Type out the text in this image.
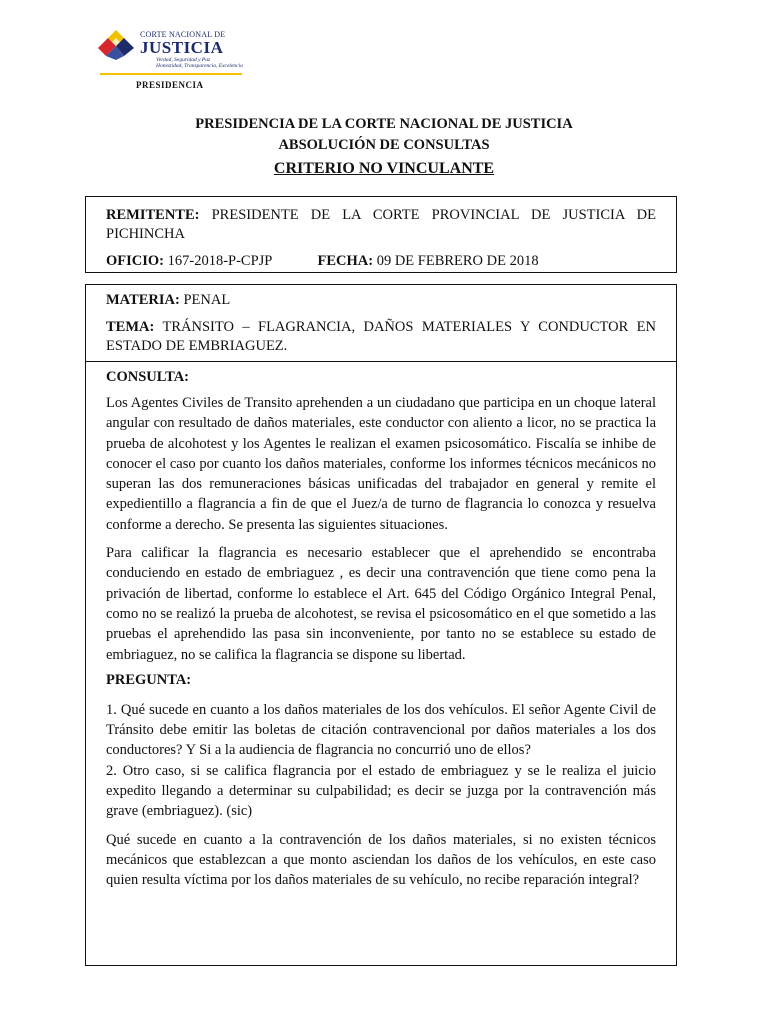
CORTE NACIONAL DE
JUSTICIA
Verdad, Seguridad y Paz
Honestidad, Transparencia, Excelencia
PRESIDENCIA
PRESIDENCIA DE LA CORTE NACIONAL DE JUSTICIA
ABSOLUCIÓN DE CONSULTAS
CRITERIO NO VINCULANTE
REMITENTE: PRESIDENTE DE LA CORTE PROVINCIAL DE JUSTICIA DE PICHINCHA
OFICIO: 167-2018-P-CPJP	FECHA: 09 DE FEBRERO DE 2018
MATERIA: PENAL
TEMA: TRÁNSITO – FLAGRANCIA, DAÑOS MATERIALES Y CONDUCTOR EN ESTADO DE EMBRIAGUEZ.
CONSULTA:

Los Agentes Civiles de Transito aprehenden a un ciudadano que participa en un choque lateral angular con resultado de daños materiales, este conductor con aliento a licor, no se practica la prueba de alcohotest y los Agentes le realizan el examen psicosomático. Fiscalía se inhibe de conocer el caso por cuanto los daños materiales, conforme los informes técnicos mecánicos no superan las dos remuneraciones básicas unificadas del trabajador en general y remite el expedientillo a flagrancia a fin de que el Juez/a de turno de flagrancia lo conozca y resuelva conforme a derecho. Se presenta las siguientes situaciones.

Para calificar la flagrancia es necesario establecer que el aprehendido se encontraba conduciendo en estado de embriaguez , es decir una contravención que tiene como pena la privación de libertad, conforme lo establece el Art. 645 del Código Orgánico Integral Penal, como no se realizó la prueba de alcohotest, se revisa el psicosomático en el que sometido a las pruebas el aprehendido las pasa sin inconveniente, por tanto no se establece su estado de embriaguez, no se califica la flagrancia se dispone su libertad.

PREGUNTA:

1. Qué sucede en cuanto a los daños materiales de los dos vehículos. El señor Agente Civil de Tránsito debe emitir las boletas de citación contravencional por daños materiales a los dos conductores? Y Si a la audiencia de flagrancia no concurrió uno de ellos?

2. Otro caso, si se califica flagrancia por el estado de embriaguez y se le realiza el juicio expedito llegando a determinar su culpabilidad; es decir se juzga por la contravención más grave (embriaguez). (sic)

Qué sucede en cuanto a la contravención de los daños materiales, si no existen técnicos mecánicos que establezcan a que monto asciendan los daños de los vehículos, en este caso quien resulta víctima por los daños materiales de su vehículo, no recibe reparación integral?
